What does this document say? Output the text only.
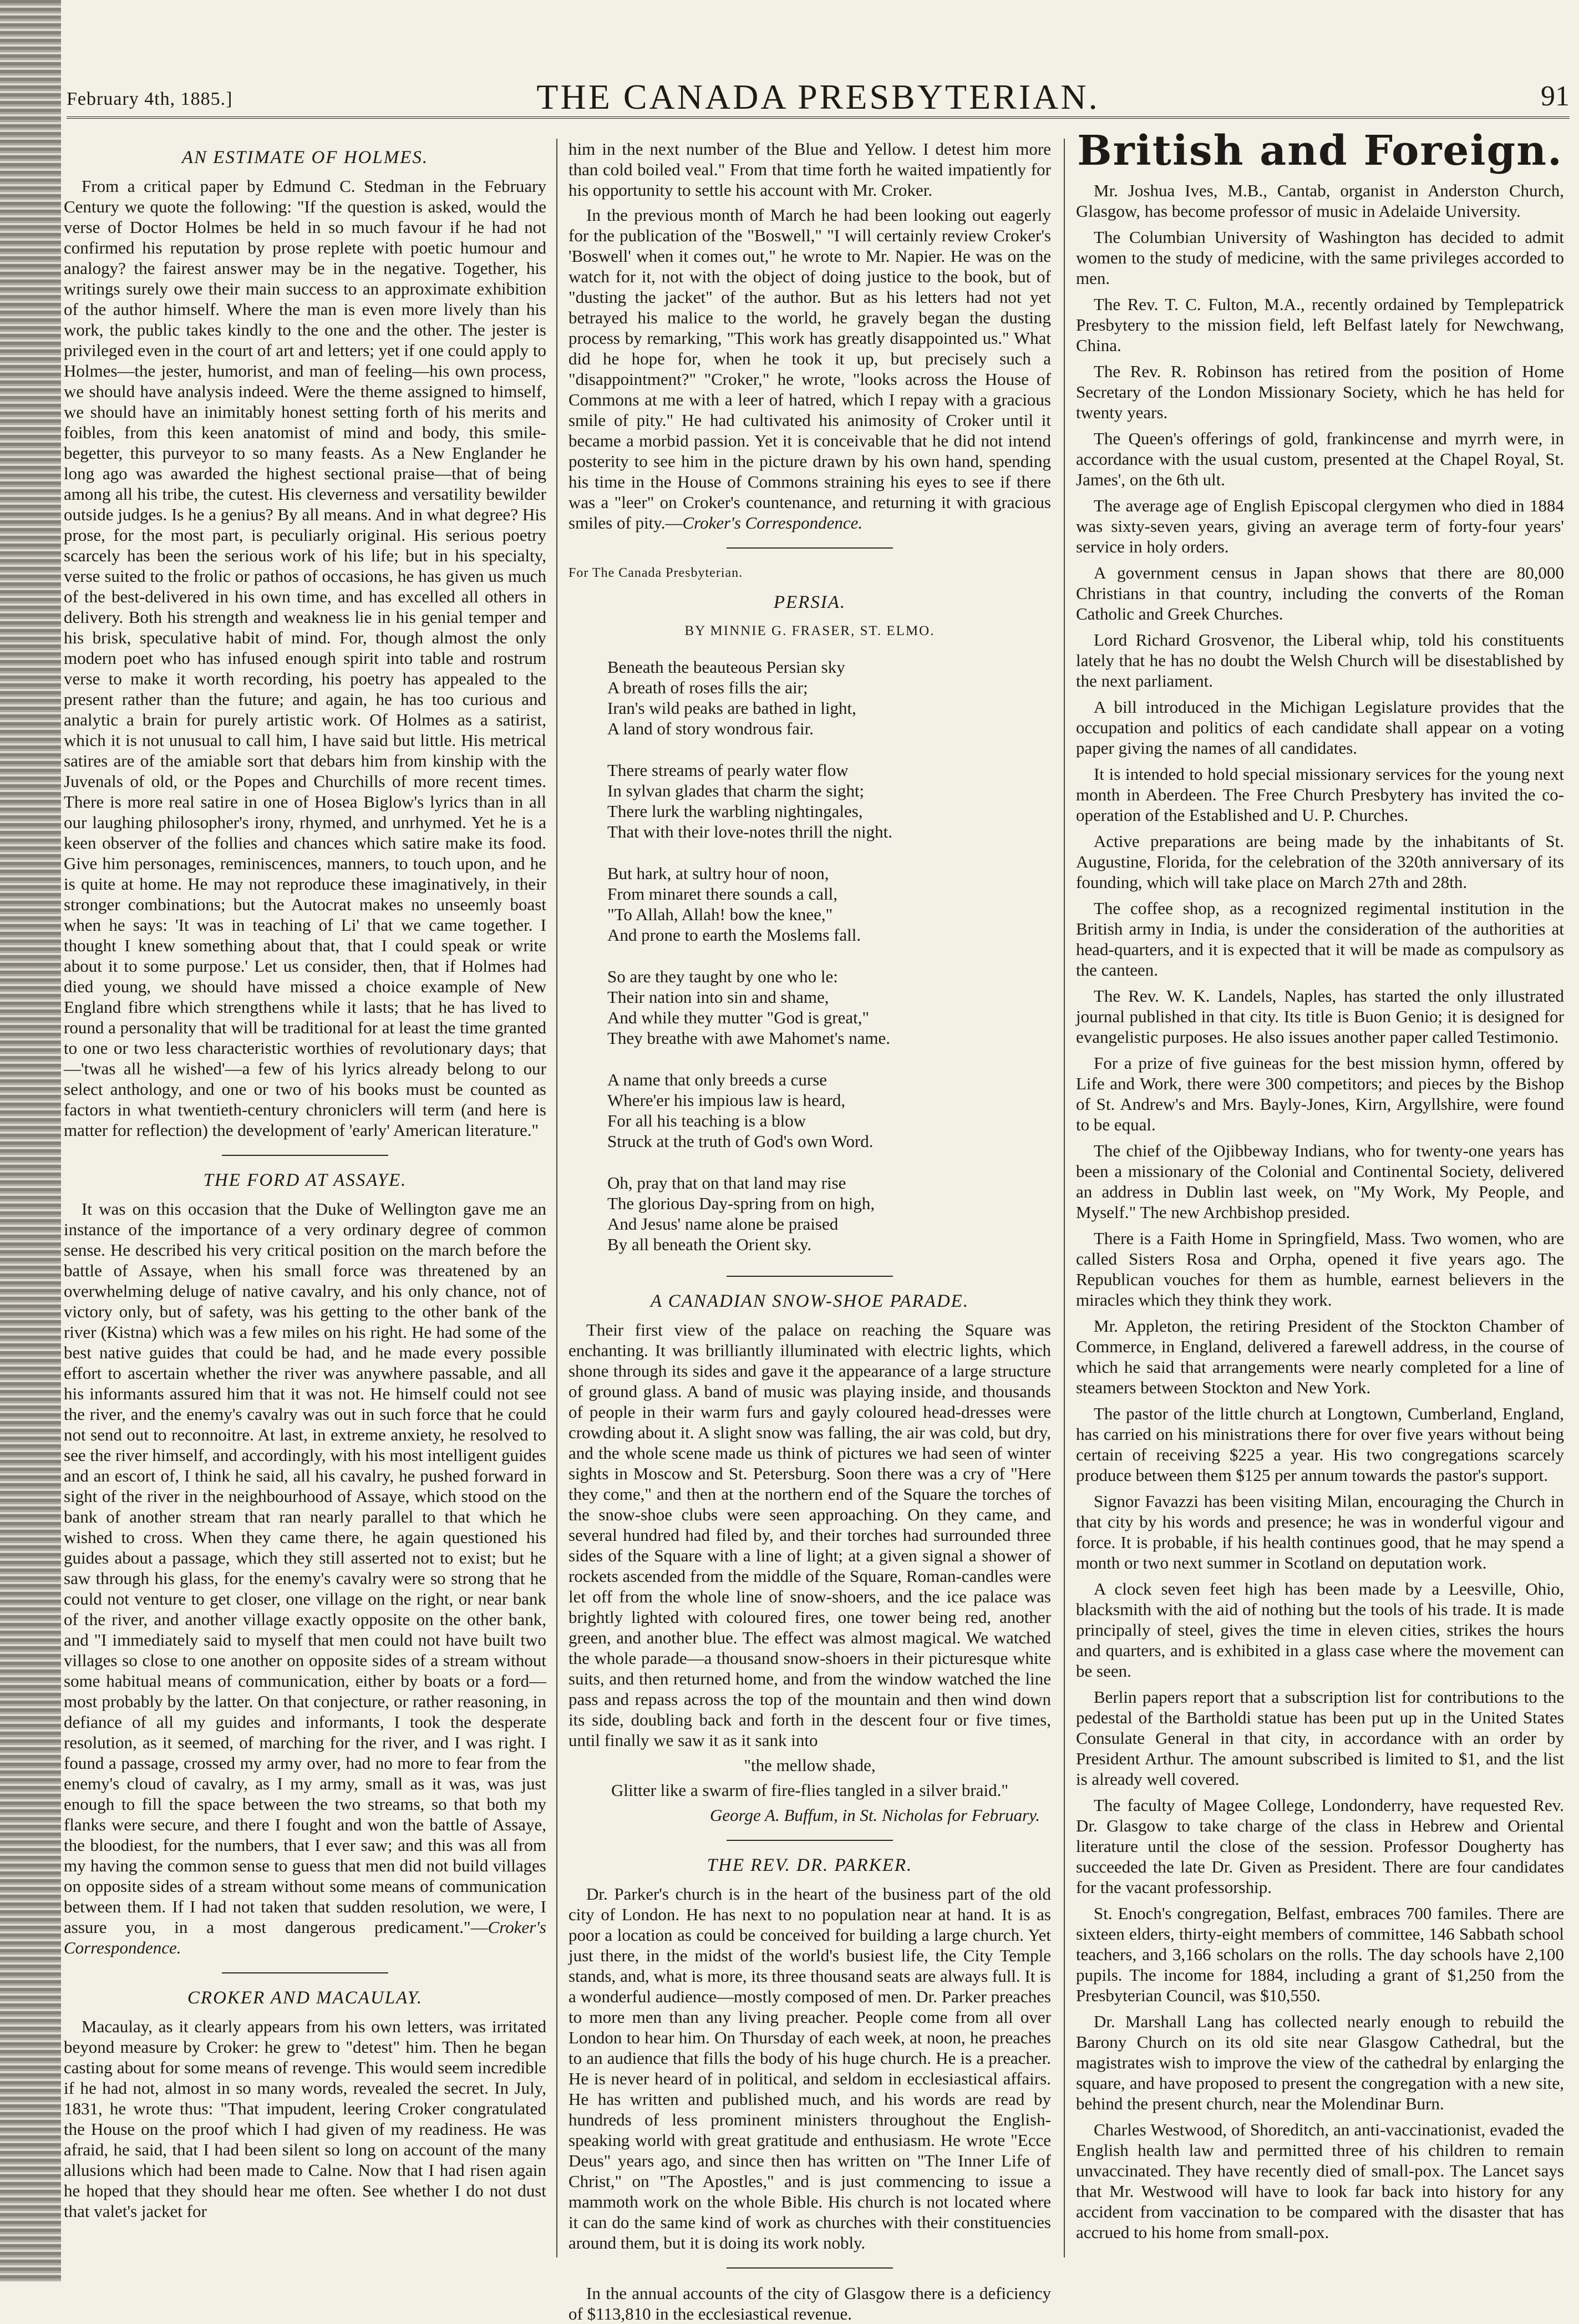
February 4th, 1885.]	THE CANADA PRESBYTERIAN.	91
AN ESTIMATE OF HOLMES.

From a critical paper by Edmund C. Stedman in the February Century we quote the following: "If the question is asked, would the verse of Doctor Holmes be held in so much favour if he had not confirmed his reputation by prose replete with poetic humour and analogy? the fairest answer may be in the negative. Together, his writings surely owe their main success to an approximate exhibition of the author himself. Where the man is even more lively than his work, the public takes kindly to the one and the other. The jester is privileged even in the court of art and letters; yet if one could apply to Holmes—the jester, humorist, and man of feeling—his own process, we should have analysis indeed. Were the theme assigned to himself, we should have an inimitably honest setting forth of his merits and foibles, from this keen anatomist of mind and body, this smile-begetter, this purveyor to so many feasts. As a New Englander he long ago was awarded the highest sectional praise—that of being among all his tribe, the cutest. His cleverness and versatility bewilder outside judges. Is he a genius? By all means. And in what degree? His prose, for the most part, is peculiarly original. His serious poetry scarcely has been the serious work of his life; but in his specialty, verse suited to the frolic or pathos of occasions, he has given us much of the best-delivered in his own time, and has excelled all others in delivery. Both his strength and weakness lie in his genial temper and his brisk, speculative habit of mind. For, though almost the only modern poet who has infused enough spirit into table and rostrum verse to make it worth recording, his poetry has appealed to the present rather than the future; and again, he has too curious and analytic a brain for purely artistic work. Of Holmes as a satirist, which it is not unusual to call him, I have said but little. His metrical satires are of the amiable sort that debars him from kinship with the Juvenals of old, or the Popes and Churchills of more recent times. There is more real satire in one of Hosea Biglow's lyrics than in all our laughing philosopher's irony, rhymed, and unrhymed. Yet he is a keen observer of the follies and chances which satire make its food. Give him personages, reminiscences, manners, to touch upon, and he is quite at home. He may not reproduce these imaginatively, in their stronger combinations; but the Autocrat makes no unseemly boast when he says: 'It was in teaching of Li' that we came together. I thought I knew something about that, that I could speak or write about it to some purpose.' Let us consider, then, that if Holmes had died young, we should have missed a choice example of New England fibre which strengthens while it lasts; that he has lived to round a personality that will be traditional for at least the time granted to one or two less characteristic worthies of revolutionary days; that—'twas all he wished'—a few of his lyrics already belong to our select anthology, and one or two of his books must be counted as factors in what twentieth-century chroniclers will term (and here is matter for reflection) the development of 'early' American literature."

THE FORD AT ASSAYE.

It was on this occasion that the Duke of Wellington gave me an instance of the importance of a very ordinary degree of common sense. He described his very critical position on the march before the battle of Assaye, when his small force was threatened by an overwhelming deluge of native cavalry, and his only chance, not of victory only, but of safety, was his getting to the other bank of the river (Kistna) which was a few miles on his right. He had some of the best native guides that could be had, and he made every possible effort to ascertain whether the river was anywhere passable, and all his informants assured him that it was not. He himself could not see the river, and the enemy's cavalry was out in such force that he could not send out to reconnoitre. At last, in extreme anxiety, he resolved to see the river himself, and accordingly, with his most intelligent guides and an escort of, I think he said, all his cavalry, he pushed forward in sight of the river in the neighbourhood of Assaye, which stood on the bank of another stream that ran nearly parallel to that which he wished to cross. When they came there, he again questioned his guides about a passage, which they still asserted not to exist; but he saw through his glass, for the enemy's cavalry were so strong that he could not venture to get closer, one village on the right, or near bank of the river, and another village exactly opposite on the other bank, and "I immediately said to myself that men could not have built two villages so close to one another on opposite sides of a stream without some habitual means of communication, either by boats or a ford—most probably by the latter. On that conjecture, or rather reasoning, in defiance of all my guides and informants, I took the desperate resolution, as it seemed, of marching for the river, and I was right. I found a passage, crossed my army over, had no more to fear from the enemy's cloud of cavalry, as I my army, small as it was, was just enough to fill the space between the two streams, so that both my flanks were secure, and there I fought and won the battle of Assaye, the bloodiest, for the numbers, that I ever saw; and this was all from my having the common sense to guess that men did not build villages on opposite sides of a stream without some means of communication between them. If I had not taken that sudden resolution, we were, I assure you, in a most dangerous predicament."—Croker's Correspondence.

CROKER AND MACAULAY.

Macaulay, as it clearly appears from his own letters, was irritated beyond measure by Croker: he grew to "detest" him. Then he began casting about for some means of revenge. This would seem incredible if he had not, almost in so many words, revealed the secret. In July, 1831, he wrote thus: "That impudent, leering Croker congratulated the House on the proof which I had given of my readiness. He was afraid, he said, that I had been silent so long on account of the many allusions which had been made to Calne. Now that I had risen again he hoped that they should hear me often. See whether I do not dust that valet's jacket for

him in the next number of the Blue and Yellow. I detest him more than cold boiled veal." From that time forth he waited impatiently for his opportunity to settle his account with Mr. Croker.

In the previous month of March he had been looking out eagerly for the publication of the "Boswell," "I will certainly review Croker's 'Boswell' when it comes out," he wrote to Mr. Napier. He was on the watch for it, not with the object of doing justice to the book, but of "dusting the jacket" of the author. But as his letters had not yet betrayed his malice to the world, he gravely began the dusting process by remarking, "This work has greatly disappointed us." What did he hope for, when he took it up, but precisely such a "disappointment?" "Croker," he wrote, "looks across the House of Commons at me with a leer of hatred, which I repay with a gracious smile of pity." He had cultivated his animosity of Croker until it became a morbid passion. Yet it is conceivable that he did not intend posterity to see him in the picture drawn by his own hand, spending his time in the House of Commons straining his eyes to see if there was a "leer" on Croker's countenance, and returning it with gracious smiles of pity.—Croker's Correspondence.

For The Canada Presbyterian.

PERSIA.
BY MINNIE G. FRASER, ST. ELMO.
Beneath the beauteous Persian sky
A breath of roses fills the air;
Iran's wild peaks are bathed in light,
A land of story wondrous fair.
There streams of pearly water flow
In sylvan glades that charm the sight;
There lurk the warbling nightingales,
That with their love-notes thrill the night.
But hark, at sultry hour of noon,
From minaret there sounds a call,
"To Allah, Allah! bow the knee,"
And prone to earth the Moslems fall.
So are they taught by one who le:
Their nation into sin and shame,
And while they mutter "God is great,"
They breathe with awe Mahomet's name.
A name that only breeds a curse
Where'er his impious law is heard,
For all his teaching is a blow
Struck at the truth of God's own Word.
Oh, pray that on that land may rise
The glorious Day-spring from on high,
And Jesus' name alone be praised
By all beneath the Orient sky.
A CANADIAN SNOW-SHOE PARADE.

Their first view of the palace on reaching the Square was enchanting. It was brilliantly illuminated with electric lights, which shone through its sides and gave it the appearance of a large structure of ground glass. A band of music was playing inside, and thousands of people in their warm furs and gayly coloured head-dresses were crowding about it. A slight snow was falling, the air was cold, but dry, and the whole scene made us think of pictures we had seen of winter sights in Moscow and St. Petersburg. Soon there was a cry of "Here they come," and then at the northern end of the Square the torches of the snow-shoe clubs were seen approaching. On they came, and several hundred had filed by, and their torches had surrounded three sides of the Square with a line of light; at a given signal a shower of rockets ascended from the middle of the Square, Roman-candles were let off from the whole line of snow-shoers, and the ice palace was brightly lighted with coloured fires, one tower being red, another green, and another blue. The effect was almost magical. We watched the whole parade—a thousand snow-shoers in their picturesque white suits, and then returned home, and from the window watched the line pass and repass across the top of the mountain and then wind down its side, doubling back and forth in the descent four or five times, until finally we saw it as it sank into

"the mellow shade,
Glitter like a swarm of fire-flies tangled in a silver braid."
George A. Buffum, in St. Nicholas for February.
THE REV. DR. PARKER.

Dr. Parker's church is in the heart of the business part of the old city of London. He has next to no population near at hand. It is as poor a location as could be conceived for building a large church. Yet just there, in the midst of the world's busiest life, the City Temple stands, and, what is more, its three thousand seats are always full. It is a wonderful audience—mostly composed of men. Dr. Parker preaches to more men than any living preacher. People come from all over London to hear him. On Thursday of each week, at noon, he preaches to an audience that fills the body of his huge church. He is a preacher. He is never heard of in political, and seldom in ecclesiastical affairs. He has written and published much, and his words are read by hundreds of less prominent ministers throughout the English-speaking world with great gratitude and enthusiasm. He wrote "Ecce Deus" years ago, and since then has written on "The Inner Life of Christ," on "The Apostles," and is just commencing to issue a mammoth work on the whole Bible. His church is not located where it can do the same kind of work as churches with their constituencies around them, but it is doing its work nobly.

In the annual accounts of the city of Glasgow there is a deficiency of $113,810 in the ecclesiastical revenue.

British and Foreign.

Mr. Joshua Ives, M.B., Cantab, organist in Anderston Church, Glasgow, has become professor of music in Adelaide University.

The Columbian University of Washington has decided to admit women to the study of medicine, with the same privileges accorded to men.

The Rev. T. C. Fulton, M.A., recently ordained by Templepatrick Presbytery to the mission field, left Belfast lately for Newchwang, China.

The Rev. R. Robinson has retired from the position of Home Secretary of the London Missionary Society, which he has held for twenty years.

The Queen's offerings of gold, frankincense and myrrh were, in accordance with the usual custom, presented at the Chapel Royal, St. James', on the 6th ult.

The average age of English Episcopal clergymen who died in 1884 was sixty-seven years, giving an average term of forty-four years' service in holy orders.

A government census in Japan shows that there are 80,000 Christians in that country, including the converts of the Roman Catholic and Greek Churches.

Lord Richard Grosvenor, the Liberal whip, told his constituents lately that he has no doubt the Welsh Church will be disestablished by the next parliament.

A bill introduced in the Michigan Legislature provides that the occupation and politics of each candidate shall appear on a voting paper giving the names of all candidates.

It is intended to hold special missionary services for the young next month in Aberdeen. The Free Church Presbytery has invited the co-operation of the Established and U. P. Churches.

Active preparations are being made by the inhabitants of St. Augustine, Florida, for the celebration of the 320th anniversary of its founding, which will take place on March 27th and 28th.

The coffee shop, as a recognized regimental institution in the British army in India, is under the consideration of the authorities at head-quarters, and it is expected that it will be made as compulsory as the canteen.

The Rev. W. K. Landels, Naples, has started the only illustrated journal published in that city. Its title is Buon Genio; it is designed for evangelistic purposes. He also issues another paper called Testimonio.

For a prize of five guineas for the best mission hymn, offered by Life and Work, there were 300 competitors; and pieces by the Bishop of St. Andrew's and Mrs. Bayly-Jones, Kirn, Argyllshire, were found to be equal.

The chief of the Ojibbeway Indians, who for twenty-one years has been a missionary of the Colonial and Continental Society, delivered an address in Dublin last week, on "My Work, My People, and Myself." The new Archbishop presided.

There is a Faith Home in Springfield, Mass. Two women, who are called Sisters Rosa and Orpha, opened it five years ago. The Republican vouches for them as humble, earnest believers in the miracles which they think they work.

Mr. Appleton, the retiring President of the Stockton Chamber of Commerce, in England, delivered a farewell address, in the course of which he said that arrangements were nearly completed for a line of steamers between Stockton and New York.

The pastor of the little church at Longtown, Cumberland, England, has carried on his ministrations there for over five years without being certain of receiving $225 a year. His two congregations scarcely produce between them $125 per annum towards the pastor's support.

Signor Favazzi has been visiting Milan, encouraging the Church in that city by his words and presence; he was in wonderful vigour and force. It is probable, if his health continues good, that he may spend a month or two next summer in Scotland on deputation work.

A clock seven feet high has been made by a Leesville, Ohio, blacksmith with the aid of nothing but the tools of his trade. It is made principally of steel, gives the time in eleven cities, strikes the hours and quarters, and is exhibited in a glass case where the movement can be seen.

Berlin papers report that a subscription list for contributions to the pedestal of the Bartholdi statue has been put up in the United States Consulate General in that city, in accordance with an order by President Arthur. The amount subscribed is limited to $1, and the list is already well covered.

The faculty of Magee College, Londonderry, have requested Rev. Dr. Glasgow to take charge of the class in Hebrew and Oriental literature until the close of the session. Professor Dougherty has succeeded the late Dr. Given as President. There are four candidates for the vacant professorship.

St. Enoch's congregation, Belfast, embraces 700 familes. There are sixteen elders, thirty-eight members of committee, 146 Sabbath school teachers, and 3,166 scholars on the rolls. The day schools have 2,100 pupils. The income for 1884, including a grant of $1,250 from the Presbyterian Council, was $10,550.

Dr. Marshall Lang has collected nearly enough to rebuild the Barony Church on its old site near Glasgow Cathedral, but the magistrates wish to improve the view of the cathedral by enlarging the square, and have proposed to present the congregation with a new site, behind the present church, near the Molendinar Burn.

Charles Westwood, of Shoreditch, an anti-vaccinationist, evaded the English health law and permitted three of his children to remain unvaccinated. They have recently died of small-pox. The Lancet says that Mr. Westwood will have to look far back into history for any accident from vaccination to be compared with the disaster that has accrued to his home from small-pox.
